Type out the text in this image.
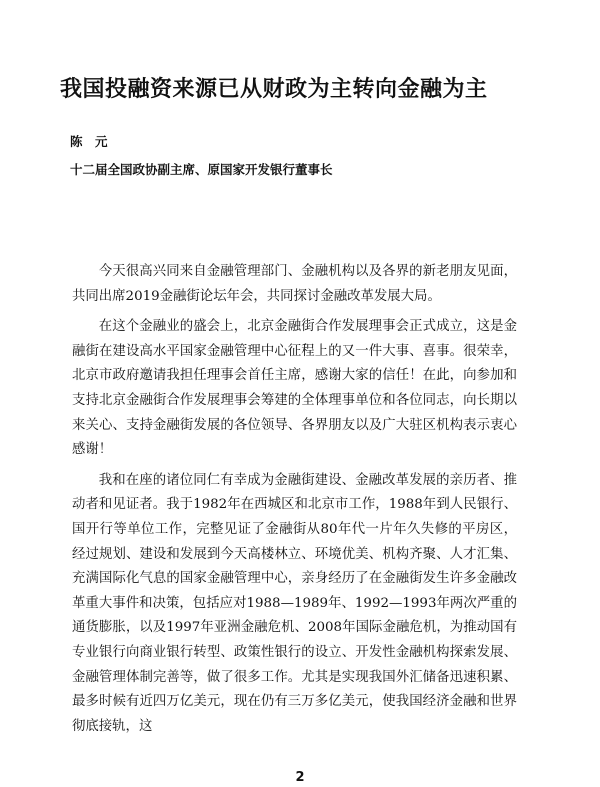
我国投融资来源已从财政为主转向金融为主
陈　元
十二届全国政协副主席、原国家开发银行董事长

今天很高兴同来自金融管理部门、金融机构以及各界的新老朋友见面，共同出席2019金融街论坛年会，共同探讨金融改革发展大局。

在这个金融业的盛会上，北京金融街合作发展理事会正式成立，这是金融街在建设高水平国家金融管理中心征程上的又一件大事、喜事。很荣幸，北京市政府邀请我担任理事会首任主席，感谢大家的信任！在此，向参加和支持北京金融街合作发展理事会筹建的全体理事单位和各位同志，向长期以来关心、支持金融街发展的各位领导、各界朋友以及广大驻区机构表示衷心感谢！

我和在座的诸位同仁有幸成为金融街建设、金融改革发展的亲历者、推动者和见证者。我于1982年在西城区和北京市工作，1988年到人民银行、国开行等单位工作，完整见证了金融街从80年代一片年久失修的平房区，经过规划、建设和发展到今天高楼林立、环境优美、机构齐聚、人才汇集、充满国际化气息的国家金融管理中心，亲身经历了在金融街发生许多金融改革重大事件和决策，包括应对1988—1989年、1992—1993年两次严重的通货膨胀，以及1997年亚洲金融危机、2008年国际金融危机，为推动国有专业银行向商业银行转型、政策性银行的设立、开发性金融机构探索发展、金融管理体制完善等，做了很多工作。尤其是实现我国外汇储备迅速积累、最多时候有近四万亿美元，现在仍有三万多亿美元，使我国经济金融和世界彻底接轨，这

2
